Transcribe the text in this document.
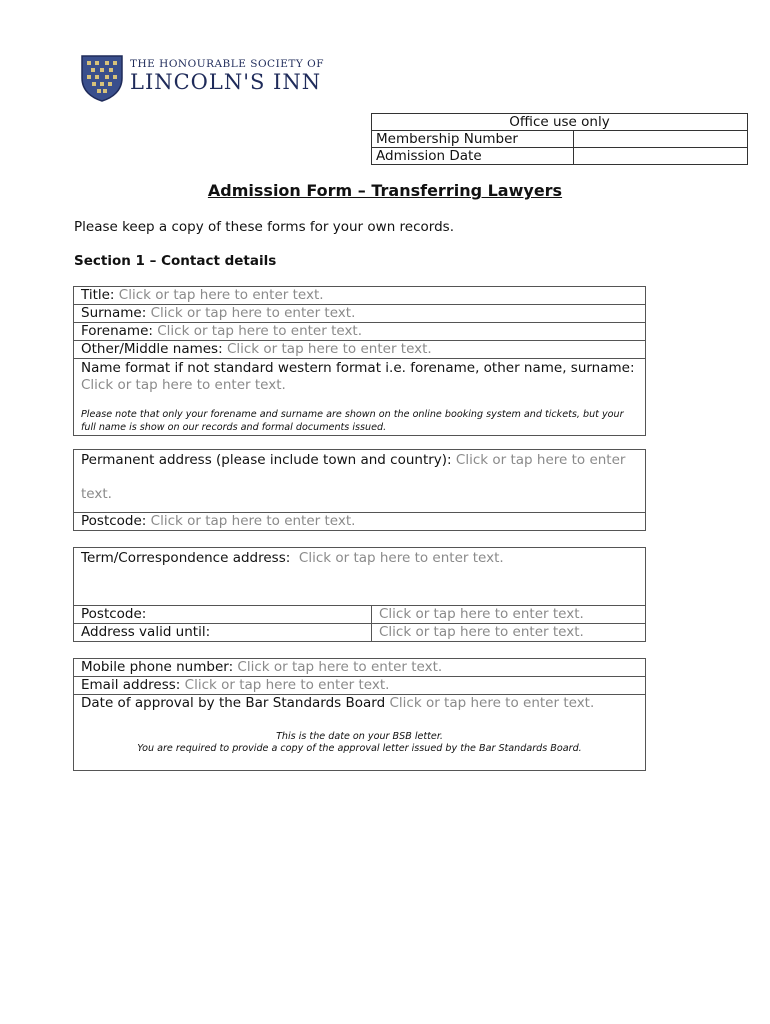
THE HONOURABLE SOCIETY OF
LINCOLN'S INN
Office use only	
Membership Number	
Admission Date	
Admission Form – Transferring Lawyers
Please keep a copy of these forms for your own records.
Section 1 – Contact details
Title: Click or tap here to enter text.
Surname: Click or tap here to enter text.
Forename: Click or tap here to enter text.
Other/Middle names: Click or tap here to enter text.
Name format if not standard western format i.e. forename, other name, surname:
Click or tap here to enter text.
Please note that only your forename and surname are shown on the online booking system and tickets, but your full name is show on our records and formal documents issued.
Permanent address (please include town and country): Click or tap here to enter
text.
Postcode: Click or tap here to enter text.
Term/Correspondence address: Click or tap here to enter text.
Postcode:	Click or tap here to enter text.
Address valid until:	Click or tap here to enter text.
Mobile phone number: Click or tap here to enter text.
Email address: Click or tap here to enter text.
Date of approval by the Bar Standards Board Click or tap here to enter text.
This is the date on your BSB letter.
You are required to provide a copy of the approval letter issued by the Bar Standards Board.
